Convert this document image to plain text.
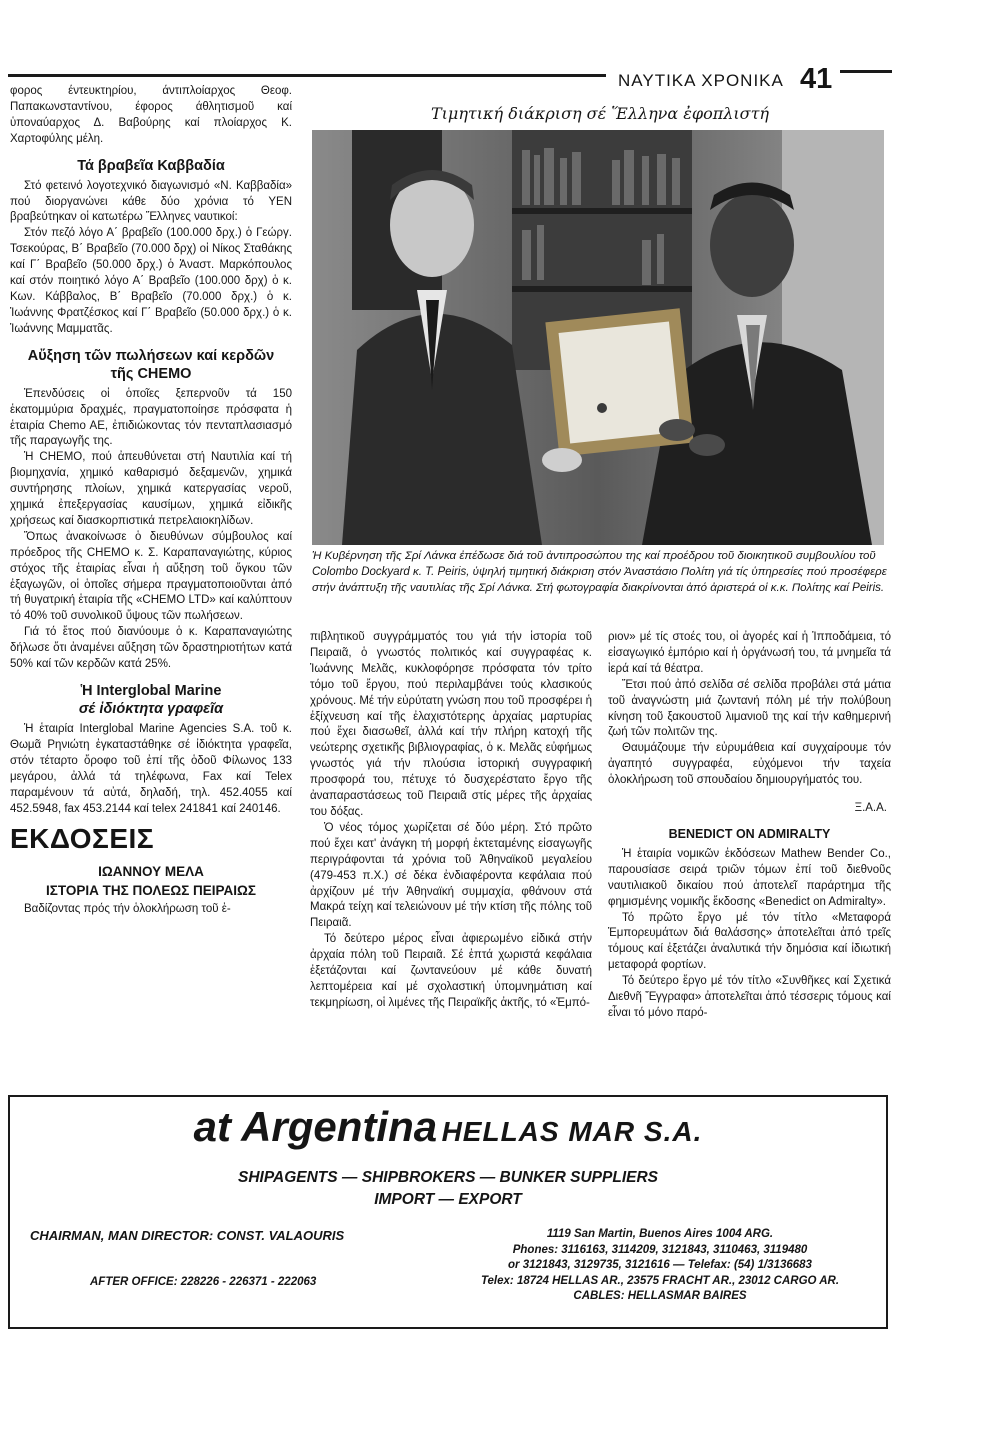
ΝΑΥΤΙΚΑ ΧΡΟΝΙΚΑ 41

φορος έντευκτηρίου, άντιπλοίαρχος Θεοφ. Παπακωνσταντίνου, έφορος άθλητισμοῦ καί ὑποναύαρχος Δ. Βαβούρης καί πλοίαρχος Κ. Χαρτοφύλης μέλη.

Τά βραβεῖα Καββαδία

Στό φετεινό λογοτεχνικό διαγωνισμό «Ν. Καββαδία» πού διοργανώνει κάθε δύο χρόνια τό ΥΕΝ βραβεύτηκαν οἱ κατωτέρω Ἕλληνες ναυτικοί:

Στόν πεζό λόγο Α΄ βραβεῖο (100.000 δρχ.) ὁ Γεώργ. Τσεκούρας, Β΄ Βραβεῖο (70.000 δρχ) οἱ Νίκος Σταθάκης καί Γ΄ Βραβεῖο (50.000 δρχ.) ὁ Ἀναστ. Μαρκόπουλος καί στόν ποιητικό λόγο Α΄ Βραβεῖο (100.000 δρχ) ὁ κ. Κων. Κάββαλος, Β΄ Βραβεῖο (70.000 δρχ.) ὁ κ. Ἰωάννης Φρατζέσκος καί Γ΄ Βραβεῖο (50.000 δρχ.) ὁ κ. Ἰωάννης Μαμματᾶς.

Αὔξηση τῶν πωλήσεων καί κερδῶν
τῆς CHEMO

Ἐπενδύσεις οἱ ὁποῖες ξεπερνοῦν τά 150 ἑκατομμύρια δραχμές, πραγματοποίησε πρόσφατα ἡ ἑταιρία Chemo AE, ἐπιδιώκοντας τόν πενταπλασιασμό τῆς παραγωγῆς της.

Ἡ CHEMO, πού ἀπευθύνεται στή Ναυτιλία καί τή βιομηχανία, χημικό καθαρισμό δεξαμενῶν, χημικά συντήρησης πλοίων, χημικά κατεργασίας νεροῦ, χημικά ἐπεξεργασίας καυσίμων, χημικά εἰδικῆς χρήσεως καί διασκορπιστικά πετρελαιοκηλίδων.

Ὅπως ἀνακοίνωσε ὁ διευθύνων σύμβουλος καί πρόεδρος τῆς CHEMO κ. Σ. Καραπαναγιώτης, κύριος στόχος τῆς ἑταιρίας εἶναι ἡ αὔξηση τοῦ ὄγκου τῶν ἐξαγωγῶν, οἱ ὁποῖες σήμερα πραγματοποιοῦνται ἀπό τή θυγατρική ἑταιρία τῆς «CHEMO LTD» καί καλύπτουν τό 40% τοῦ συνολικοῦ ὕψους τῶν πωλήσεων.

Γιά τό ἔτος πού διανύουμε ὁ κ. Καραπαναγιώτης δήλωσε ὅτι ἀναμένει αὔξηση τῶν δραστηριοτήτων κατά 50% καί τῶν κερδῶν κατά 25%.

Ἡ Interglobal Marine
σέ ἰδιόκτητα γραφεῖα

Ἡ ἑταιρία Interglobal Marine Agencies S.A. τοῦ κ. Θωμᾶ Ρηνιώτη ἐγκαταστάθηκε σέ ἰδιόκτητα γραφεῖα, στόν τέταρτο ὄροφο τοῦ ἐπί τῆς ὁδοῦ Φίλωνος 133 μεγάρου, ἀλλά τά τηλέφωνα, Fax καί Telex παραμένουν τά αὐτά, δηλαδή, τηλ. 452.4055 καί 452.5948, fax 453.2144 καί telex 241841 καί 240146.

ΕΚΔΟΣΕΙΣ
ΙΩΑΝΝΟΥ ΜΕΛΑ
ΙΣΤΟΡΙΑ ΤΗΣ ΠΟΛΕΩΣ ΠΕΙΡΑΙΩΣ

Βαδίζοντας πρός τήν ὁλοκλήρωση τοῦ ἐ-

Τιμητική διάκριση σέ Ἕλληνα ἐφοπλιστή
Ἡ Κυβέρνηση τῆς Σρί Λάνκα ἐπέδωσε διά τοῦ ἀντιπροσώπου της καί προέδρου τοῦ διοικητικοῦ συμβουλίου τοῦ Colombo Dockyard κ. T. Peiris, ὑψηλή τιμητική διάκριση στόν Ἀναστάσιο Πολίτη γιά τίς ὑπηρεσίες πού προσέφερε στήν ἀνάπτυξη τῆς ναυτιλίας τῆς Σρί Λάνκα. Στή φωτογραφία διακρίνονται ἀπό ἀριστερά οἱ κ.κ. Πολίτης καί Peiris.

πιβλητικοῦ συγγράμματός του γιά τήν ἱστορία τοῦ Πειραιᾶ, ὁ γνωστός πολιτικός καί συγγραφέας κ. Ἰωάννης Μελᾶς, κυκλοφόρησε πρόσφατα τόν τρίτο τόμο τοῦ ἔργου, πού περιλαμβάνει τούς κλασικούς χρόνους. Μέ τήν εὐρύτατη γνώση που τοῦ προσφέρει ἡ ἐξίχνευση καί τῆς ἐλαχιστότερης ἀρχαίας μαρτυρίας πού ἔχει διασωθεῖ, ἀλλά καί τήν πλήρη κατοχή τῆς νεώτερης σχετικῆς βιβλιογραφίας, ὁ κ. Μελᾶς εὐφήμως γνωστός γιά τήν πλούσια ἱστορική συγγραφική προσφορά του, πέτυχε τό δυσχερέστατο ἔργο τῆς ἀναπαραστάσεως τοῦ Πειραιᾶ στίς μέρες τῆς ἀρχαίας του δόξας.

Ὁ νέος τόμος χωρίζεται σέ δύο μέρη. Στό πρῶτο πού ἔχει κατ' ἀνάγκη τή μορφή ἐκτεταμένης εἰσαγωγῆς περιγράφονται τά χρόνια τοῦ Ἀθηναϊκοῦ μεγαλείου (479-453 π.Χ.) σέ δέκα ἐνδιαφέροντα κεφάλαια πού ἀρχίζουν μέ τήν Ἀθηναϊκή συμμαχία, φθάνουν στά Μακρά τείχη καί τελειώνουν μέ τήν κτίση τῆς πόλης τοῦ Πειραιᾶ.

Τό δεύτερο μέρος εἶναι ἀφιερωμένο εἰδικά στήν ἀρχαία πόλη τοῦ Πειραιᾶ. Σέ ἑπτά χωριστά κεφάλαια ἐξετάζονται καί ζωντανεύουν μέ κάθε δυνατή λεπτομέρεια καί μέ σχολαστική ὑπομνημάτιση καί τεκμηρίωση, οἱ λιμένες τῆς Πειραϊκῆς ἀκτῆς, τό «Ἐμπό-

ριον» μέ τίς στοές του, οἱ ἀγορές καί ἡ Ἱπποδάμεια, τό εἰσαγωγικό ἐμπόριο καί ἡ ὀργάνωσή του, τά μνημεῖα τά ἱερά καί τά θέατρα.

Ἔτσι πού ἀπό σελίδα σέ σελίδα προβάλει στά μάτια τοῦ ἀναγνώστη μιά ζωντανή πόλη μέ τήν πολύβουη κίνηση τοῦ ξακουστοῦ λιμανιοῦ της καί τήν καθημερινή ζωή τῶν πολιτῶν της.

Θαυμάζουμε τήν εὐρυμάθεια καί συγχαίρουμε τόν ἀγαπητό συγγραφέα, εὐχόμενοι τήν ταχεία ὁλοκλήρωση τοῦ σπουδαίου δημιουργήματός του.

Ξ.Α.Α.
BENEDICT ON ADMIRALTY

Ἡ ἑταιρία νομικῶν ἐκδόσεων Mathew Bender Co., παρουσίασε σειρά τριῶν τόμων ἐπί τοῦ διεθνοῦς ναυτιλιακοῦ δικαίου πού ἀποτελεῖ παράρτημα τῆς φημισμένης νομικῆς ἔκδοσης «Benedict on Admiralty».

Τό πρῶτο ἔργο μέ τόν τίτλο «Μεταφορά Ἐμπορευμάτων διά θαλάσσης» ἀποτελεῖται ἀπό τρεῖς τόμους καί ἐξετάζει ἀναλυτικά τήν δημόσια καί ἰδιωτική μεταφορά φορτίων.

Τό δεύτερο ἔργο μέ τόν τίτλο «Συνθῆκες καί Σχετικά Διεθνῆ Ἔγγραφα» ἀποτελεῖται ἀπό τέσσερις τόμους καί εἶναι τό μόνο παρό-

at Argentina HELLAS MAR S.A.
SHIPAGENTS — SHIPBROKERS — BUNKER SUPPLIERS
IMPORT — EXPORT
CHAIRMAN, MAN DIRECTOR: CONST. VALAOURIS
AFTER OFFICE: 228226 - 226371 - 222063
1119 San Martin, Buenos Aires 1004 ARG.
Phones: 3116163, 3114209, 3121843, 3110463, 3119480
or 3121843, 3129735, 3121616 — Telefax: (54) 1/3136683
Telex: 18724 HELLAS AR., 23575 FRACHT AR., 23012 CARGO AR.
CABLES: HELLASMAR BAIRES
